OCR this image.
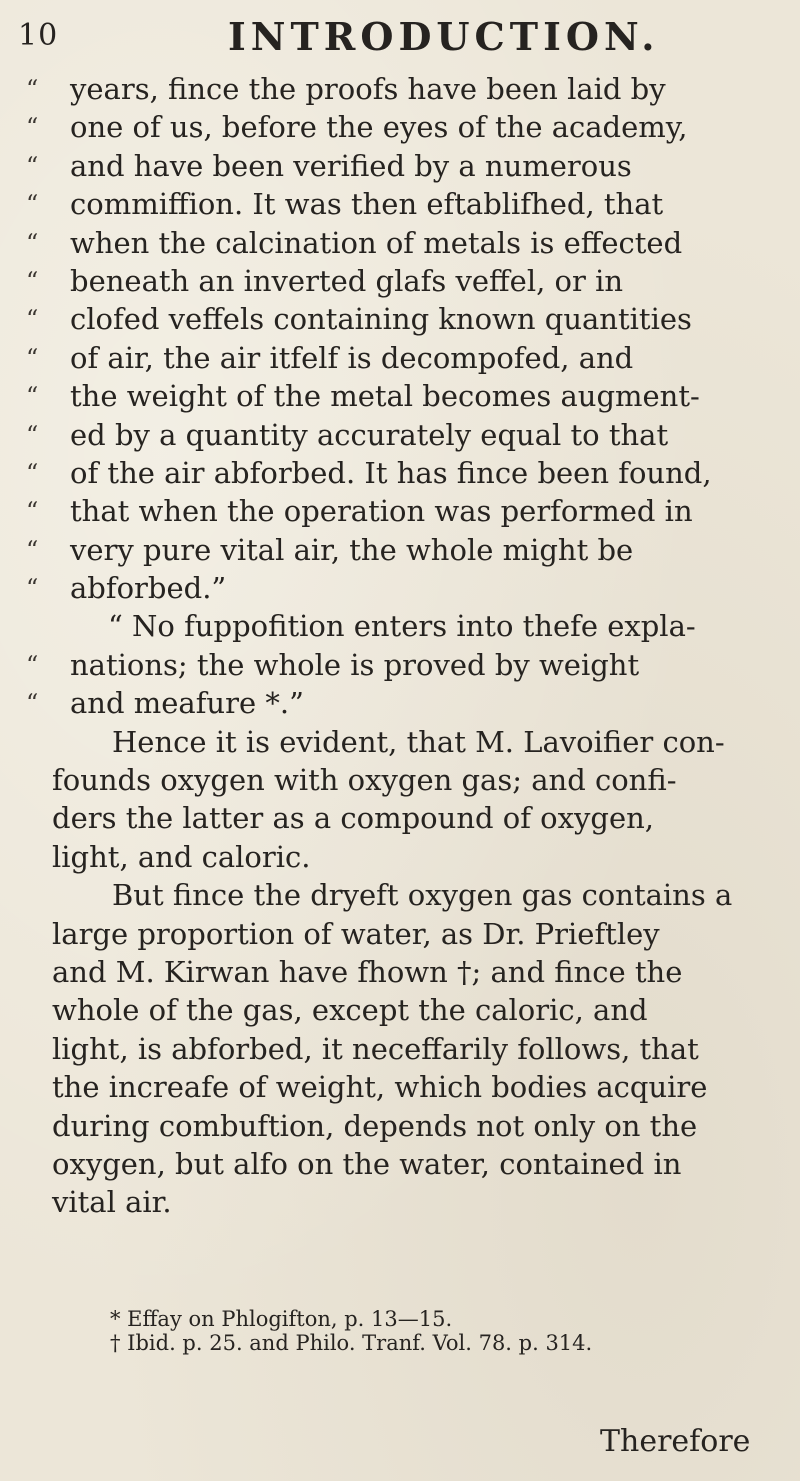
10	INTRODUCTION.
“	years, fince the proofs have been laid by
“	one of us, before the eyes of the academy,
“	and have been verified by a numerous
“	commiffion. It was then eftablifhed, that
“	when the calcination of metals is effected
“	beneath an inverted glafs veffel, or in
“	clofed veffels containing known quantities
“	of air, the air itfelf is decompofed, and
“	the weight of the metal becomes augment-
“	ed by a quantity accurately equal to that
“	of the air abforbed. It has fince been found,
“	that when the operation was performed in
“	very pure vital air, the whole might be
“	abforbed.”
“ No fuppofition enters into thefe expla-
“	nations; the whole is proved by weight
“	and meafure *.”
Hence it is evident, that M. Lavoifier con-
founds oxygen with oxygen gas; and confi-
ders the latter as a compound of oxygen,
light, and caloric.
But fince the dryeft oxygen gas contains a
large proportion of water, as Dr. Prieftley
and M. Kirwan have fhown †; and fince the
whole of the gas, except the caloric, and
light, is abforbed, it neceffarily follows, that
the increafe of weight, which bodies acquire
during combuftion, depends not only on the
oxygen, but alfo on the water, contained in
vital air.
* Effay on Phlogifton, p. 13—15.
† Ibid. p. 25. and Philo. Tranf. Vol. 78. p. 314.
Therefore
